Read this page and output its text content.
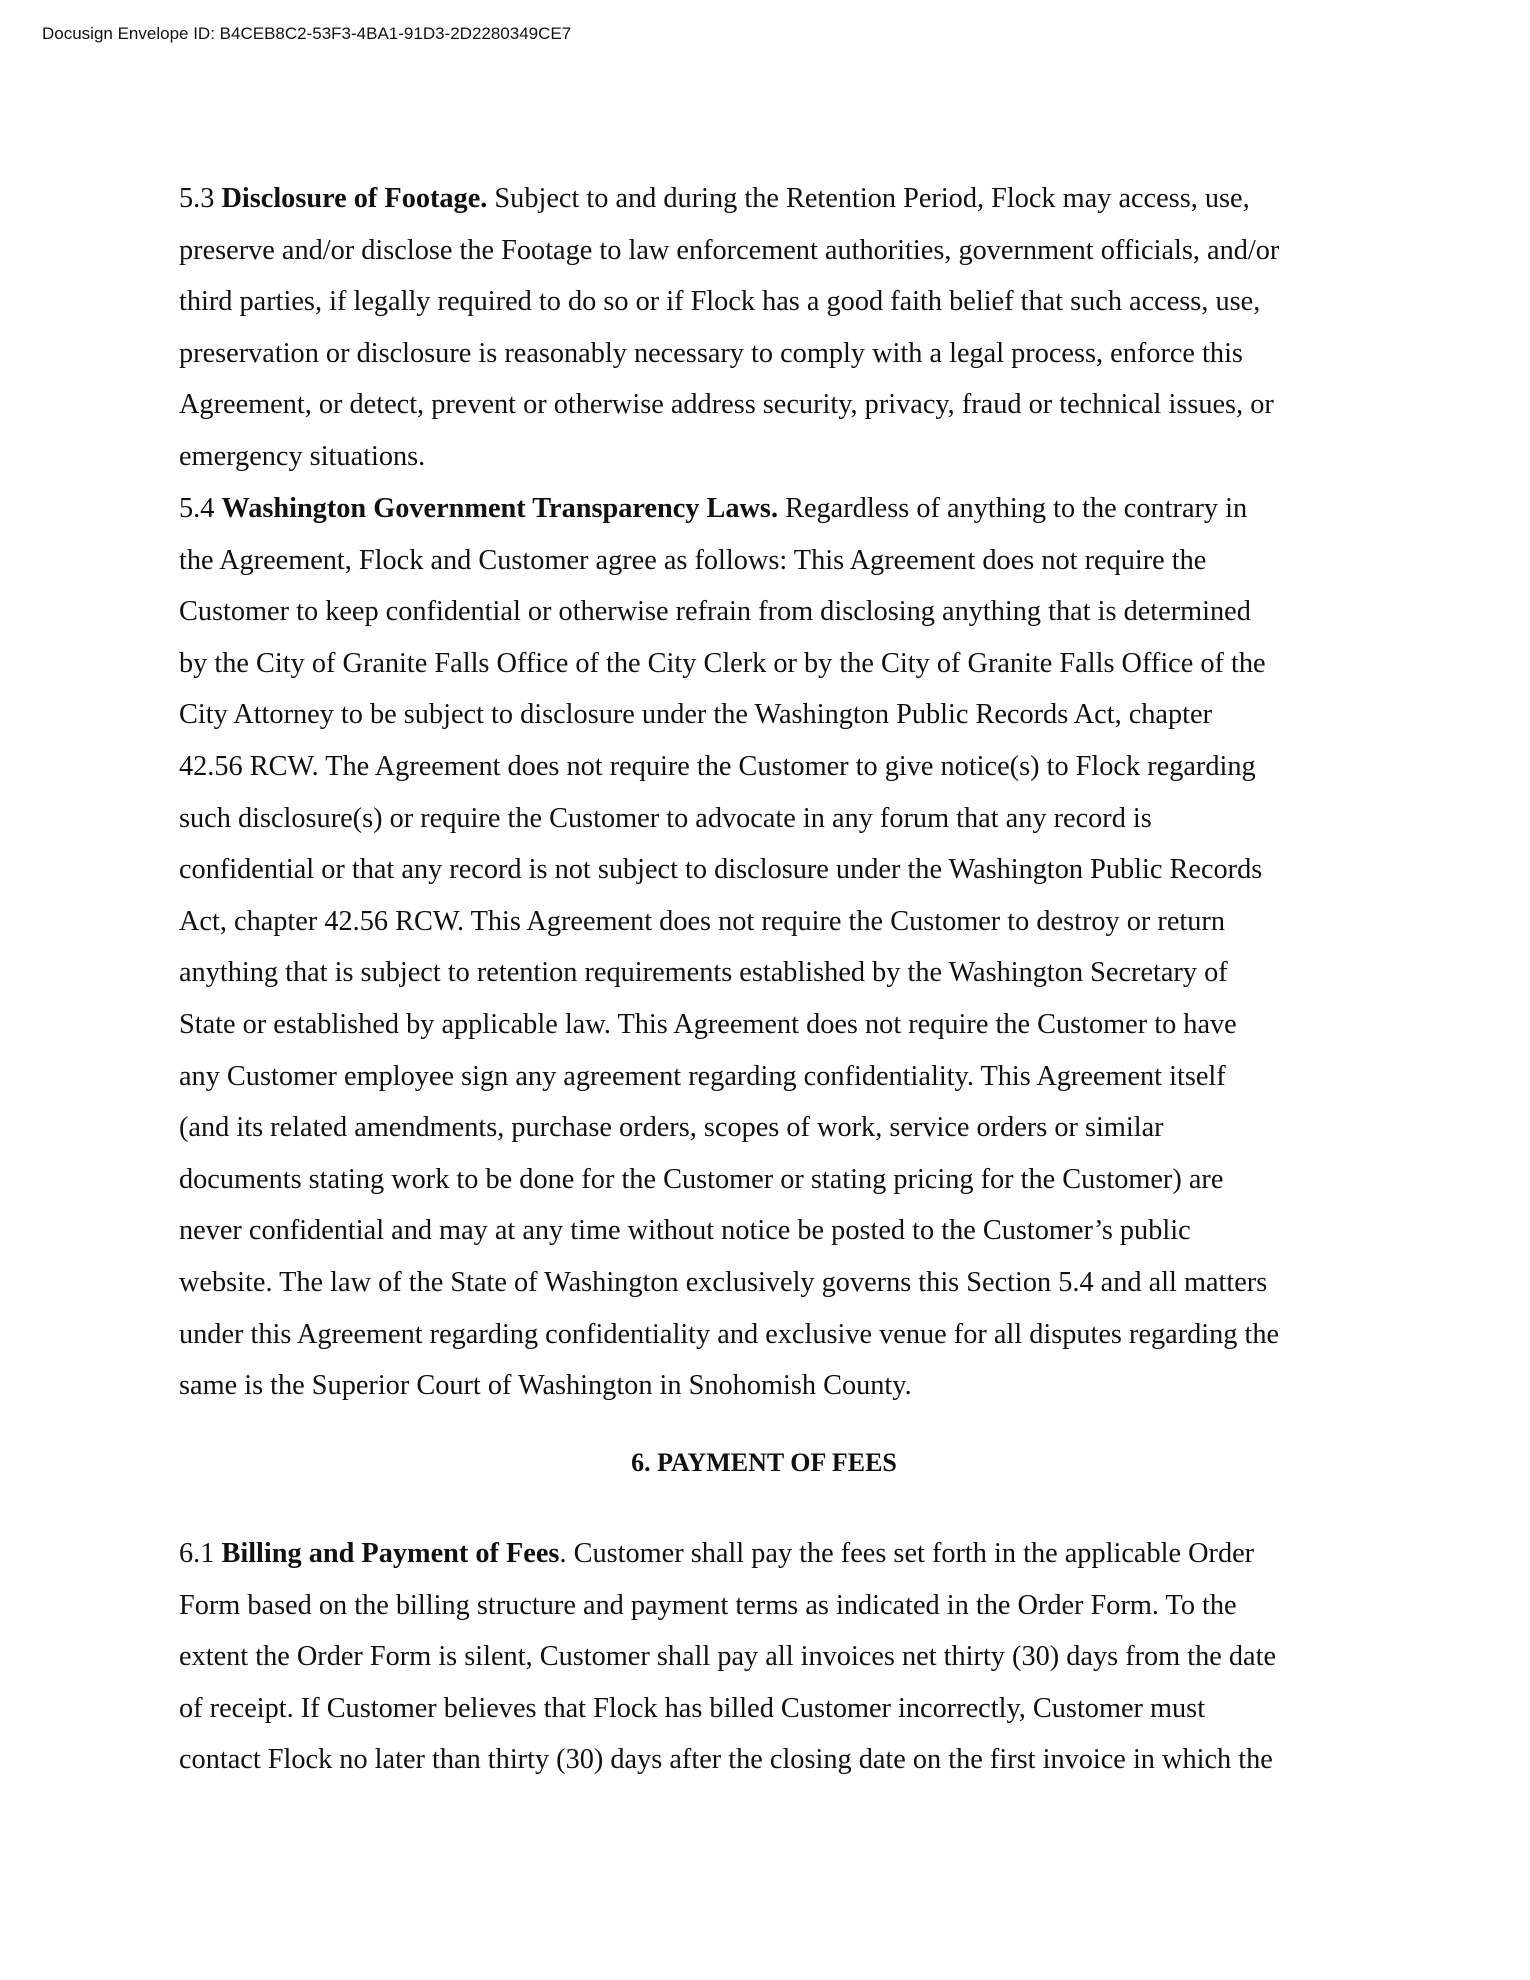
Docusign Envelope ID: B4CEB8C2-53F3-4BA1-91D3-2D2280349CE7
5.3 Disclosure of Footage. Subject to and during the Retention Period, Flock may access, use,
preserve and/or disclose the Footage to law enforcement authorities, government officials, and/or
third parties, if legally required to do so or if Flock has a good faith belief that such access, use,
preservation or disclosure is reasonably necessary to comply with a legal process, enforce this
Agreement, or detect, prevent or otherwise address security, privacy, fraud or technical issues, or
emergency situations.
5.4 Washington Government Transparency Laws. Regardless of anything to the contrary in
the Agreement, Flock and Customer agree as follows: This Agreement does not require the
Customer to keep confidential or otherwise refrain from disclosing anything that is determined
by the City of Granite Falls Office of the City Clerk or by the City of Granite Falls Office of the
City Attorney to be subject to disclosure under the Washington Public Records Act, chapter
42.56 RCW. The Agreement does not require the Customer to give notice(s) to Flock regarding
such disclosure(s) or require the Customer to advocate in any forum that any record is
confidential or that any record is not subject to disclosure under the Washington Public Records
Act, chapter 42.56 RCW. This Agreement does not require the Customer to destroy or return
anything that is subject to retention requirements established by the Washington Secretary of
State or established by applicable law. This Agreement does not require the Customer to have
any Customer employee sign any agreement regarding confidentiality. This Agreement itself
(and its related amendments, purchase orders, scopes of work, service orders or similar
documents stating work to be done for the Customer or stating pricing for the Customer) are
never confidential and may at any time without notice be posted to the Customer’s public
website. The law of the State of Washington exclusively governs this Section 5.4 and all matters
under this Agreement regarding confidentiality and exclusive venue for all disputes regarding the
same is the Superior Court of Washington in Snohomish County.
6. PAYMENT OF FEES
6.1 Billing and Payment of Fees. Customer shall pay the fees set forth in the applicable Order
Form based on the billing structure and payment terms as indicated in the Order Form. To the
extent the Order Form is silent, Customer shall pay all invoices net thirty (30) days from the date
of receipt. If Customer believes that Flock has billed Customer incorrectly, Customer must
contact Flock no later than thirty (30) days after the closing date on the first invoice in which the
